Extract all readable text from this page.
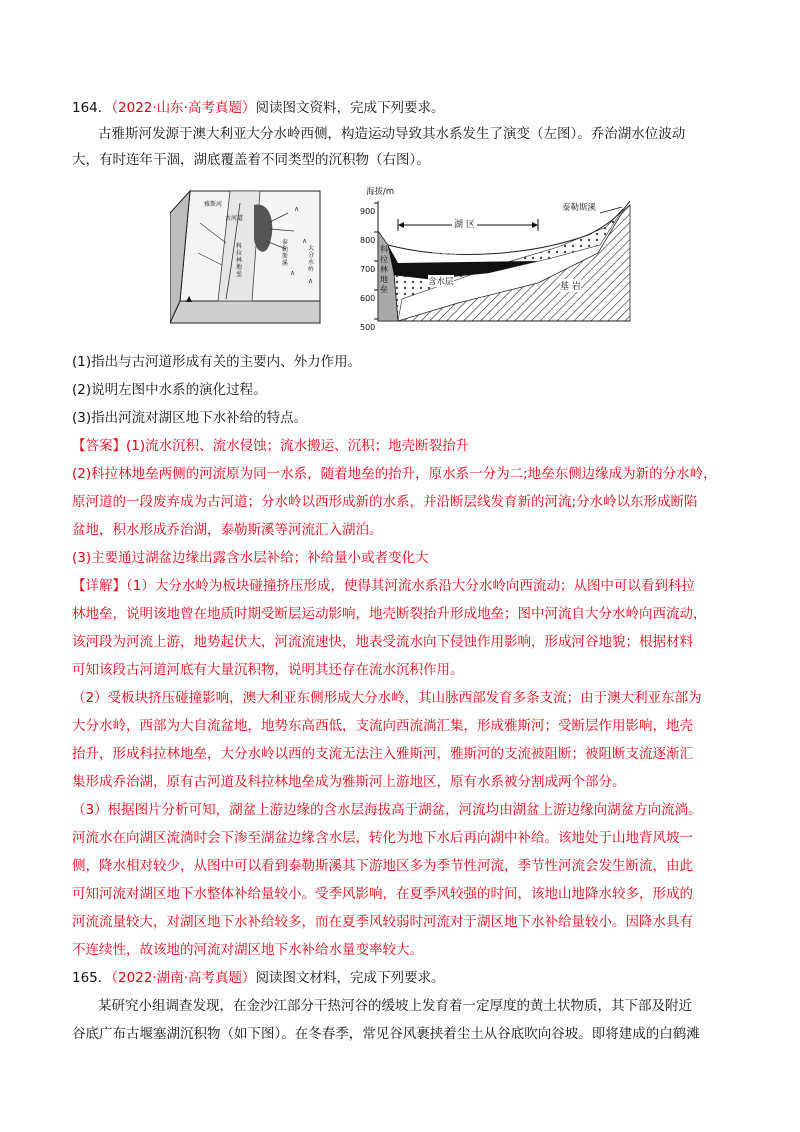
164．（2022·山东·高考真题）阅读图文资料，完成下列要求。
古雅斯河发源于澳大利亚大分水岭西侧，构造运动导致其水系发生了演变（左图）。乔治湖水位波动
大，有时连年干涸，湖底覆盖着不同类型的沉积物（右图）。
∧
∧
∧
∧
▲
海拔/m
900
800
700
600
500
湖 区
泰勒斯溪
隔水层
含水层	基 岩
科拉林地垒
古河道
雅斯河
科拉林地垒
乔治湖
泰勒斯溪
大分水岭
(1)指出与古河道形成有关的主要内、外力作用。
(2)说明左图中水系的演化过程。
(3)指出河流对湖区地下水补给的特点。
【答案】(1)流水沉积、流水侵蚀；流水搬运、沉积；地壳断裂抬升
(2)科拉林地垒两侧的河流原为同一水系，随着地垒的抬升，原水系一分为二;地垒东侧边缘成为新的分水岭，
原河道的一段废弃成为古河道；分水岭以西形成新的水系，并沿断层线发育新的河流;分水岭以东形成断陷
盆地，积水形成乔治湖，泰勒斯溪等河流汇入湖泊。
(3)主要通过湖盆边缘出露含水层补给；补给量小或者变化大
【详解】（1）大分水岭为板块碰撞挤压形成，使得其河流水系沿大分水岭向西流动；从图中可以看到科拉
林地垒，说明该地曾在地质时期受断层运动影响，地壳断裂抬升形成地垒；图中河流自大分水岭向西流动，
该河段为河流上游，地势起伏大，河流流速快，地表受流水向下侵蚀作用影响，形成河谷地貌；根据材料
可知该段古河道河底有大量沉积物，说明其还存在流水沉积作用。
（2）受板块挤压碰撞影响，澳大利亚东侧形成大分水岭，其山脉西部发育多条支流；由于澳大利亚东部为
大分水岭，西部为大自流盆地，地势东高西低，支流向西流淌汇集，形成雅斯河；受断层作用影响，地壳
抬升，形成科拉林地垒，大分水岭以西的支流无法注入雅斯河，雅斯河的支流被阻断；被阻断支流逐渐汇
集形成乔治湖，原有古河道及科拉林地垒成为雅斯河上游地区，原有水系被分割成两个部分。
（3）根据图片分析可知，湖盆上游边缘的含水层海拔高于湖盆，河流均由湖盆上游边缘向湖盆方向流淌。
河流水在向湖区流淌时会下渗至湖盆边缘含水层，转化为地下水后再向湖中补给。该地处于山地背风坡一
侧，降水相对较少，从图中可以看到泰勒斯溪其下游地区多为季节性河流，季节性河流会发生断流，由此
可知河流对湖区地下水整体补给量较小。受季风影响，在夏季风较强的时间，该地山地降水较多，形成的
河流流量较大，对湖区地下水补给较多，而在夏季风较弱时河流对于湖区地下水补给量较小。因降水具有
不连续性，故该地的河流对湖区地下水补给水量变率较大。
165．（2022·湖南·高考真题）阅读图文材料，完成下列要求。
某研究小组调查发现，在金沙江部分干热河谷的缓坡上发育着一定厚度的黄土状物质，其下部及附近
谷底广布古堰塞湖沉积物（如下图）。在冬春季，常见谷风裹挟着尘土从谷底吹向谷坡。即将建成的白鹤滩
